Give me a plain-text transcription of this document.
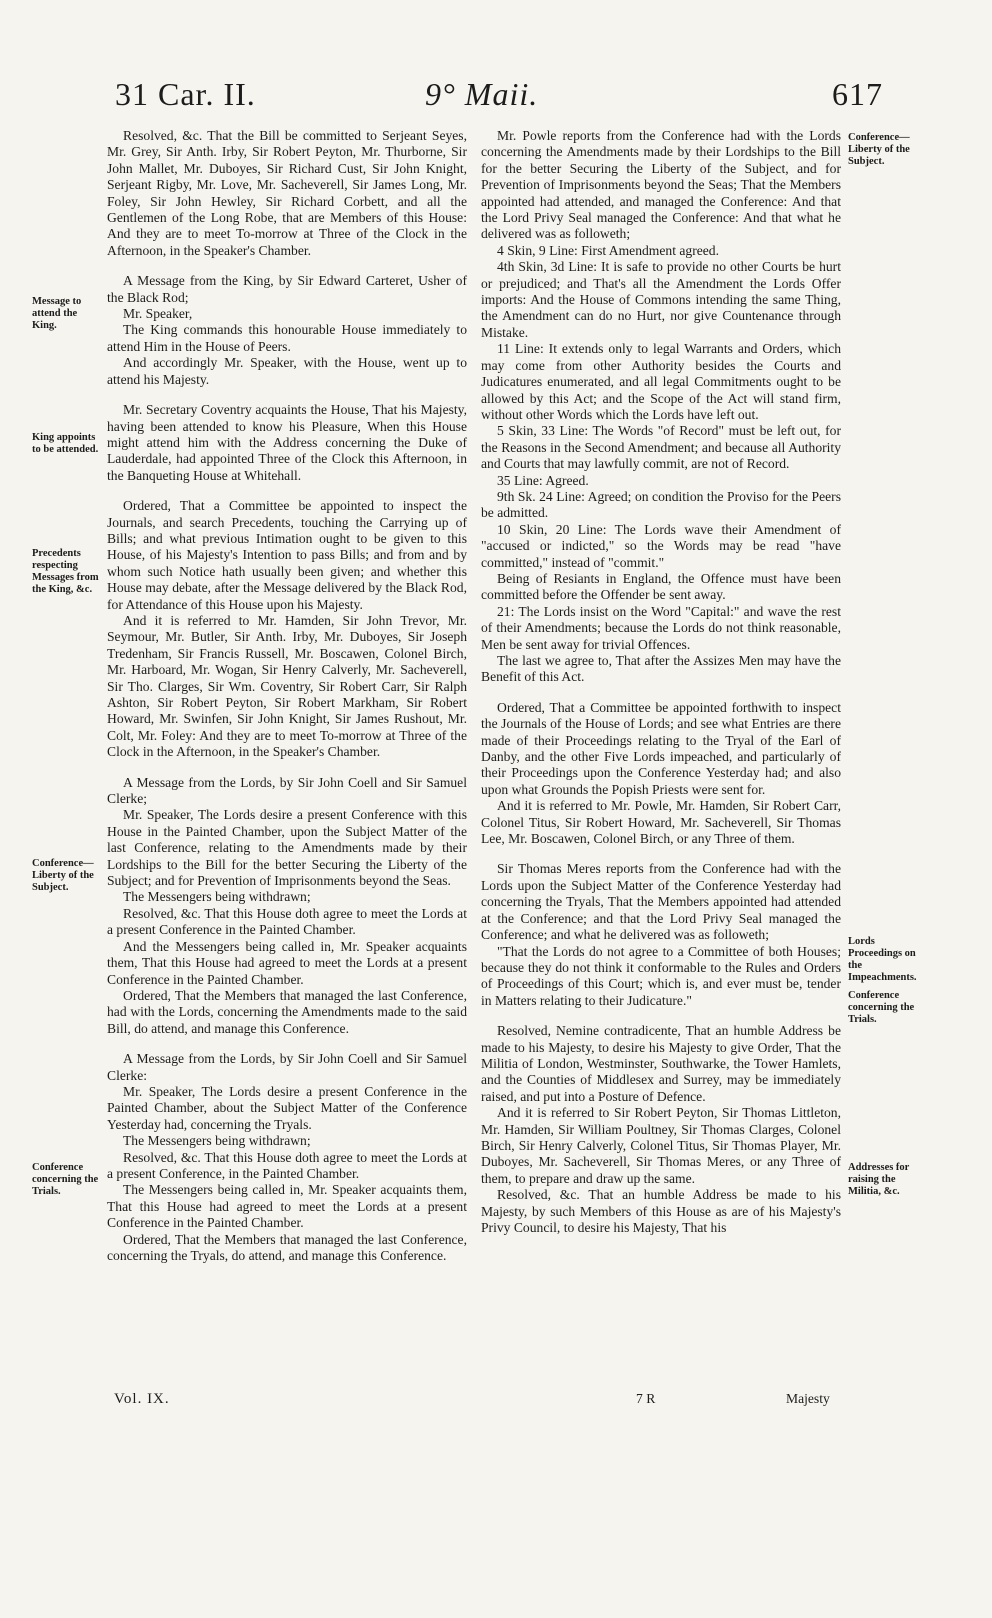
31 Car. II.	9° Maii.	617
Message to attend the King.
King appoints to be attended.
Precedents respecting Messages from the King, &c.
Conference— Liberty of the Subject.
Conference concerning the Trials.

Resolved, &c. That the Bill be committed to Serjeant Seyes, Mr. Grey, Sir Anth. Irby, Sir Robert Peyton, Mr. Thurborne, Sir John Mallet, Mr. Duboyes, Sir Richard Cust, Sir John Knight, Serjeant Rigby, Mr. Love, Mr. Sacheverell, Sir James Long, Mr. Foley, Sir John Hewley, Sir Richard Corbett, and all the Gentlemen of the Long Robe, that are Members of this House: And they are to meet To-morrow at Three of the Clock in the Afternoon, in the Speaker's Chamber.

A Message from the King, by Sir Edward Carteret, Usher of the Black Rod;

Mr. Speaker,

The King commands this honourable House immediately to attend Him in the House of Peers.

And accordingly Mr. Speaker, with the House, went up to attend his Majesty.

Mr. Secretary Coventry acquaints the House, That his Majesty, having been attended to know his Pleasure, When this House might attend him with the Address concerning the Duke of Lauderdale, had appointed Three of the Clock this Afternoon, in the Banqueting House at Whitehall.

Ordered, That a Committee be appointed to inspect the Journals, and search Precedents, touching the Carrying up of Bills; and what previous Intimation ought to be given to this House, of his Majesty's Intention to pass Bills; and from and by whom such Notice hath usually been given; and whether this House may debate, after the Message delivered by the Black Rod, for Attendance of this House upon his Majesty.

And it is referred to Mr. Hamden, Sir John Trevor, Mr. Seymour, Mr. Butler, Sir Anth. Irby, Mr. Duboyes, Sir Joseph Tredenham, Sir Francis Russell, Mr. Boscawen, Colonel Birch, Mr. Harboard, Mr. Wogan, Sir Henry Calverly, Mr. Sacheverell, Sir Tho. Clarges, Sir Wm. Coventry, Sir Robert Carr, Sir Ralph Ashton, Sir Robert Peyton, Sir Robert Markham, Sir Robert Howard, Mr. Swinfen, Sir John Knight, Sir James Rushout, Mr. Colt, Mr. Foley: And they are to meet To-morrow at Three of the Clock in the Afternoon, in the Speaker's Chamber.

A Message from the Lords, by Sir John Coell and Sir Samuel Clerke;

Mr. Speaker, The Lords desire a present Conference with this House in the Painted Chamber, upon the Subject Matter of the last Conference, relating to the Amendments made by their Lordships to the Bill for the better Securing the Liberty of the Subject; and for Prevention of Imprisonments beyond the Seas.

The Messengers being withdrawn;

Resolved, &c. That this House doth agree to meet the Lords at a present Conference in the Painted Chamber.

And the Messengers being called in, Mr. Speaker acquaints them, That this House had agreed to meet the Lords at a present Conference in the Painted Chamber.

Ordered, That the Members that managed the last Conference, had with the Lords, concerning the Amendments made to the said Bill, do attend, and manage this Conference.

A Message from the Lords, by Sir John Coell and Sir Samuel Clerke:

Mr. Speaker, The Lords desire a present Conference in the Painted Chamber, about the Subject Matter of the Conference Yesterday had, concerning the Tryals.

The Messengers being withdrawn;

Resolved, &c. That this House doth agree to meet the Lords at a present Conference, in the Painted Chamber.

The Messengers being called in, Mr. Speaker acquaints them, That this House had agreed to meet the Lords at a present Conference in the Painted Chamber.

Ordered, That the Members that managed the last Conference, concerning the Tryals, do attend, and manage this Conference.

Mr. Powle reports from the Conference had with the Lords concerning the Amendments made by their Lordships to the Bill for the better Securing the Liberty of the Subject, and for Prevention of Imprisonments beyond the Seas; That the Members appointed had attended, and managed the Conference: And that the Lord Privy Seal managed the Conference: And that what he delivered was as followeth;

4 Skin, 9 Line: First Amendment agreed.

4th Skin, 3d Line: It is safe to provide no other Courts be hurt or prejudiced; and That's all the Amendment the Lords Offer imports: And the House of Commons intending the same Thing, the Amendment can do no Hurt, nor give Countenance through Mistake.

11 Line: It extends only to legal Warrants and Orders, which may come from other Authority besides the Courts and Judicatures enumerated, and all legal Commitments ought to be allowed by this Act; and the Scope of the Act will stand firm, without other Words which the Lords have left out.

5 Skin, 33 Line: The Words "of Record" must be left out, for the Reasons in the Second Amendment; and because all Authority and Courts that may lawfully commit, are not of Record.

35 Line: Agreed.

9th Sk. 24 Line: Agreed; on condition the Proviso for the Peers be admitted.

10 Skin, 20 Line: The Lords wave their Amendment of "accused or indicted," so the Words may be read "have committed," instead of "commit."

Being of Resiants in England, the Offence must have been committed before the Offender be sent away.

21: The Lords insist on the Word "Capital:" and wave the rest of their Amendments; because the Lords do not think reasonable, Men be sent away for trivial Offences.

The last we agree to, That after the Assizes Men may have the Benefit of this Act.

Ordered, That a Committee be appointed forthwith to inspect the Journals of the House of Lords; and see what Entries are there made of their Proceedings relating to the Tryal of the Earl of Danby, and the other Five Lords impeached, and particularly of their Proceedings upon the Conference Yesterday had; and also upon what Grounds the Popish Priests were sent for.

And it is referred to Mr. Powle, Mr. Hamden, Sir Robert Carr, Colonel Titus, Sir Robert Howard, Mr. Sacheverell, Sir Thomas Lee, Mr. Boscawen, Colonel Birch, or any Three of them.

Sir Thomas Meres reports from the Conference had with the Lords upon the Subject Matter of the Conference Yesterday had concerning the Tryals, That the Members appointed had attended at the Conference; and that the Lord Privy Seal managed the Conference; and what he delivered was as followeth;

"That the Lords do not agree to a Committee of both Houses; because they do not think it conformable to the Rules and Orders of Proceedings of this Court; which is, and ever must be, tender in Matters relating to their Judicature."

Resolved, Nemine contradicente, That an humble Address be made to his Majesty, to desire his Majesty to give Order, That the Militia of London, Westminster, Southwarke, the Tower Hamlets, and the Counties of Middlesex and Surrey, may be immediately raised, and put into a Posture of Defence.

And it is referred to Sir Robert Peyton, Sir Thomas Littleton, Mr. Hamden, Sir William Poultney, Sir Thomas Clarges, Colonel Birch, Sir Henry Calverly, Colonel Titus, Sir Thomas Player, Mr. Duboyes, Mr. Sacheverell, Sir Thomas Meres, or any Three of them, to prepare and draw up the same.

Resolved, &c. That an humble Address be made to his Majesty, by such Members of this House as are of his Majesty's Privy Council, to desire his Majesty, That his

Conference— Liberty of the Subject.
Lords Proceedings on the Impeachments.
Conference concerning the Trials.
Addresses for raising the Militia, &c.
Vol. IX.	7 R	Majesty
